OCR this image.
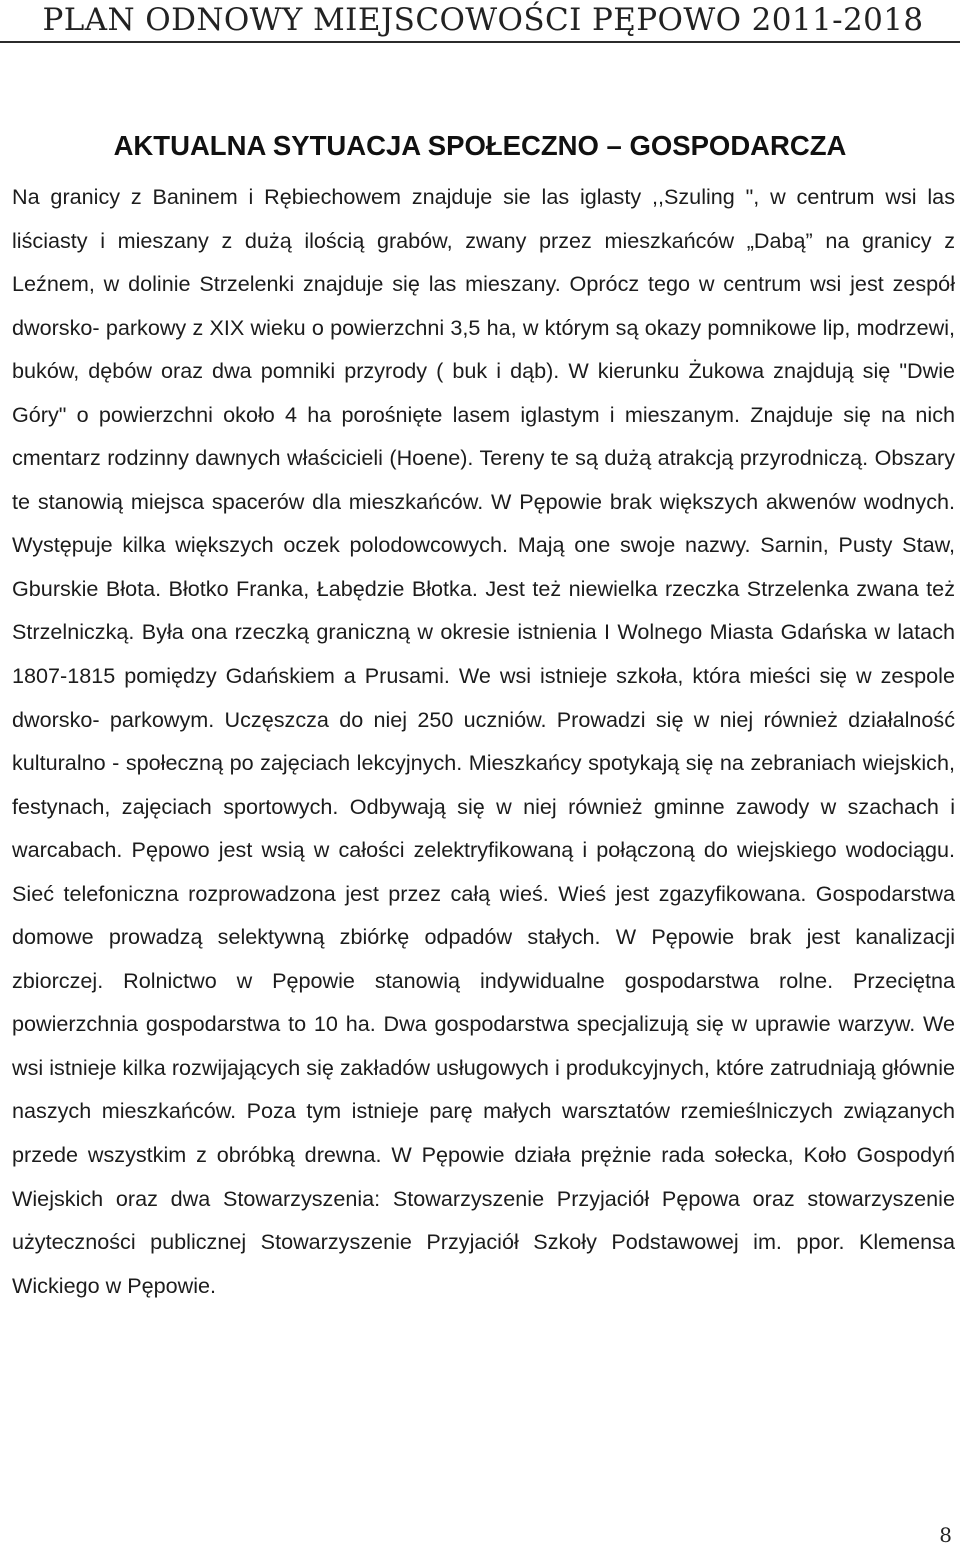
PLAN ODNOWY MIEJSCOWOŚCI PĘPOWO 2011-2018
AKTUALNA SYTUACJA SPOŁECZNO – GOSPODARCZA

Na granicy z Baninem i Rębiechowem znajduje sie las iglasty ,,Szuling ", w centrum wsi las liściasty i mieszany z dużą ilością grabów, zwany przez mieszkańców „Dabą” na granicy z Leźnem, w dolinie Strzelenki znajduje się las mieszany. Oprócz tego w centrum wsi jest zespół dworsko- parkowy z XIX wieku o powierzchni 3,5 ha, w którym są okazy pomnikowe lip, modrzewi, buków, dębów oraz dwa pomniki przyrody ( buk i dąb). W kierunku Żukowa znajdują się "Dwie Góry" o powierzchni około 4 ha porośnięte lasem iglastym i mieszanym. Znajduje się na nich cmentarz rodzinny dawnych właścicieli (Hoene). Tereny te są dużą atrakcją przyrodniczą. Obszary te stanowią miejsca spacerów dla mieszkańców. W Pępowie brak większych akwenów wodnych. Występuje kilka większych oczek polodowcowych. Mają one swoje nazwy. Sarnin, Pusty Staw, Gburskie Błota. Błotko Franka, Łabędzie Błotka. Jest też niewielka rzeczka Strzelenka zwana też Strzelniczką. Była ona rzeczką graniczną w okresie istnienia I Wolnego Miasta Gdańska w latach 1807-1815 pomiędzy Gdańskiem a Prusami. We wsi istnieje szkoła, która mieści się w zespole dworsko- parkowym. Uczęszcza do niej 250 uczniów. Prowadzi się w niej również działalność kulturalno - społeczną po zajęciach lekcyjnych. Mieszkańcy spotykają się na zebraniach wiejskich, festynach, zajęciach sportowych. Odbywają się w niej również gminne zawody w szachach i warcabach. Pępowo jest wsią w całości zelektryfikowaną i połączoną do wiejskiego wodociągu. Sieć telefoniczna rozprowadzona jest przez całą wieś. Wieś jest zgazyfikowana. Gospodarstwa domowe prowadzą selektywną zbiórkę odpadów stałych. W Pępowie brak jest kanalizacji zbiorczej. Rolnictwo w Pępowie stanowią indywidualne gospodarstwa rolne. Przeciętna powierzchnia gospodarstwa to 10 ha. Dwa gospodarstwa specjalizują się w uprawie warzyw. We wsi istnieje kilka rozwijających się zakładów usługowych i produkcyjnych, które zatrudniają głównie naszych mieszkańców. Poza tym istnieje parę małych warsztatów rzemieślniczych związanych przede wszystkim z obróbką drewna. W Pępowie działa prężnie rada sołecka, Koło Gospodyń Wiejskich oraz dwa Stowarzyszenia: Stowarzyszenie Przyjaciół Pępowa oraz stowarzyszenie użyteczności publicznej Stowarzyszenie Przyjaciół Szkoły Podstawowej im. ppor. Klemensa Wickiego w Pępowie.

8
